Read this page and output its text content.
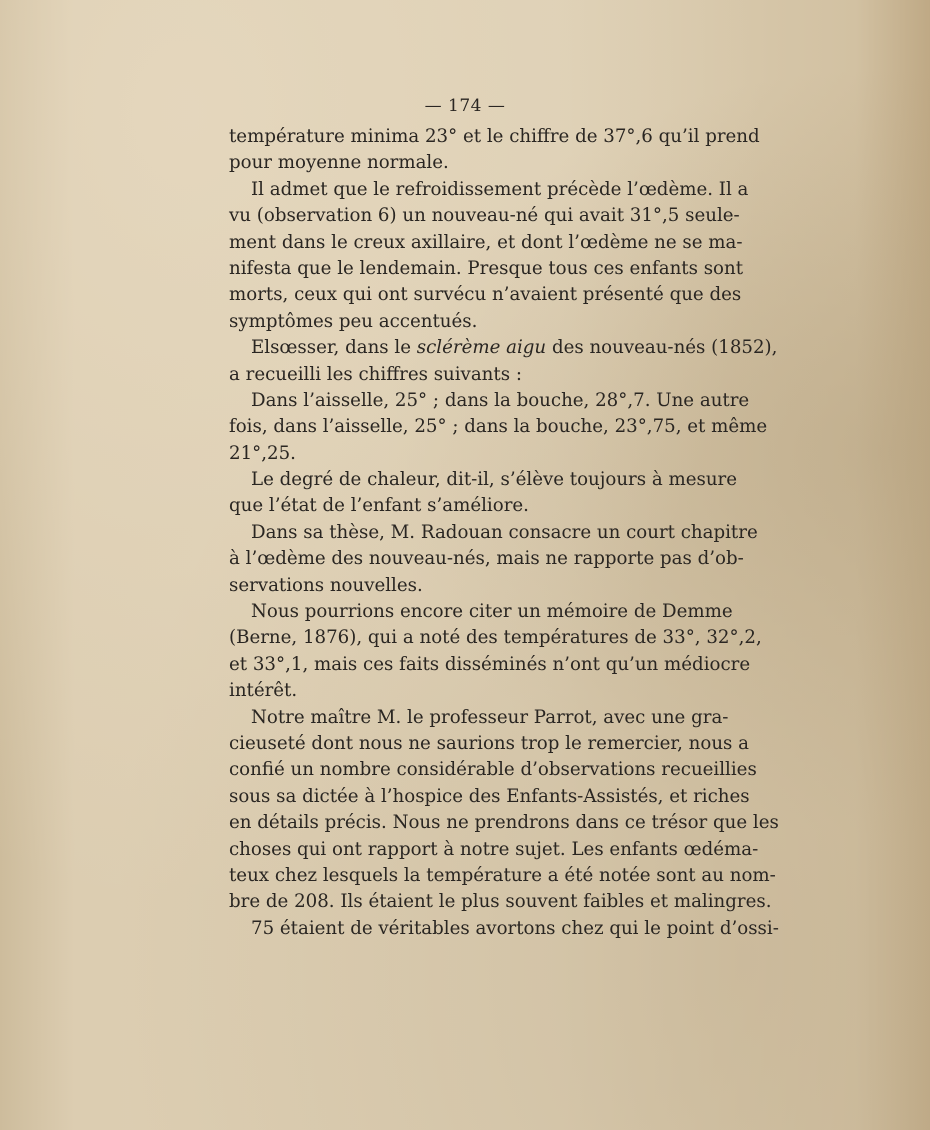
— 174 —
température minima 23° et le chiffre de 37°,6 qu’il prend
pour moyenne normale.
Il admet que le refroidissement précède l’œdème. Il a
vu (observation 6) un nouveau-né qui avait 31°,5 seule-
ment dans le creux axillaire, et dont l’œdème ne se ma-
nifesta que le lendemain. Presque tous ces enfants sont
morts, ceux qui ont survécu n’avaient présenté que des
symptômes peu accentués.
Elsœsser, dans le sclérème aigu des nouveau-nés (1852),
a recueilli les chiffres suivants :
Dans l’aisselle, 25° ; dans la bouche, 28°,7. Une autre
fois, dans l’aisselle, 25° ; dans la bouche, 23°,75, et même
21°,25.
Le degré de chaleur, dit-il, s’élève toujours à mesure
que l’état de l’enfant s’améliore.
Dans sa thèse, M. Radouan consacre un court chapitre
à l’œdème des nouveau-nés, mais ne rapporte pas d’ob-
servations nouvelles.
Nous pourrions encore citer un mémoire de Demme
(Berne, 1876), qui a noté des températures de 33°, 32°,2,
et 33°,1, mais ces faits disséminés n’ont qu’un médiocre
intérêt.
Notre maître M. le professeur Parrot, avec une gra-
cieuseté dont nous ne saurions trop le remercier, nous a
confié un nombre considérable d’observations recueillies
sous sa dictée à l’hospice des Enfants-Assistés, et riches
en détails précis. Nous ne prendrons dans ce trésor que les
choses qui ont rapport à notre sujet. Les enfants œdéma-
teux chez lesquels la température a été notée sont au nom-
bre de 208. Ils étaient le plus souvent faibles et malingres.
75 étaient de véritables avortons chez qui le point d’ossi-
